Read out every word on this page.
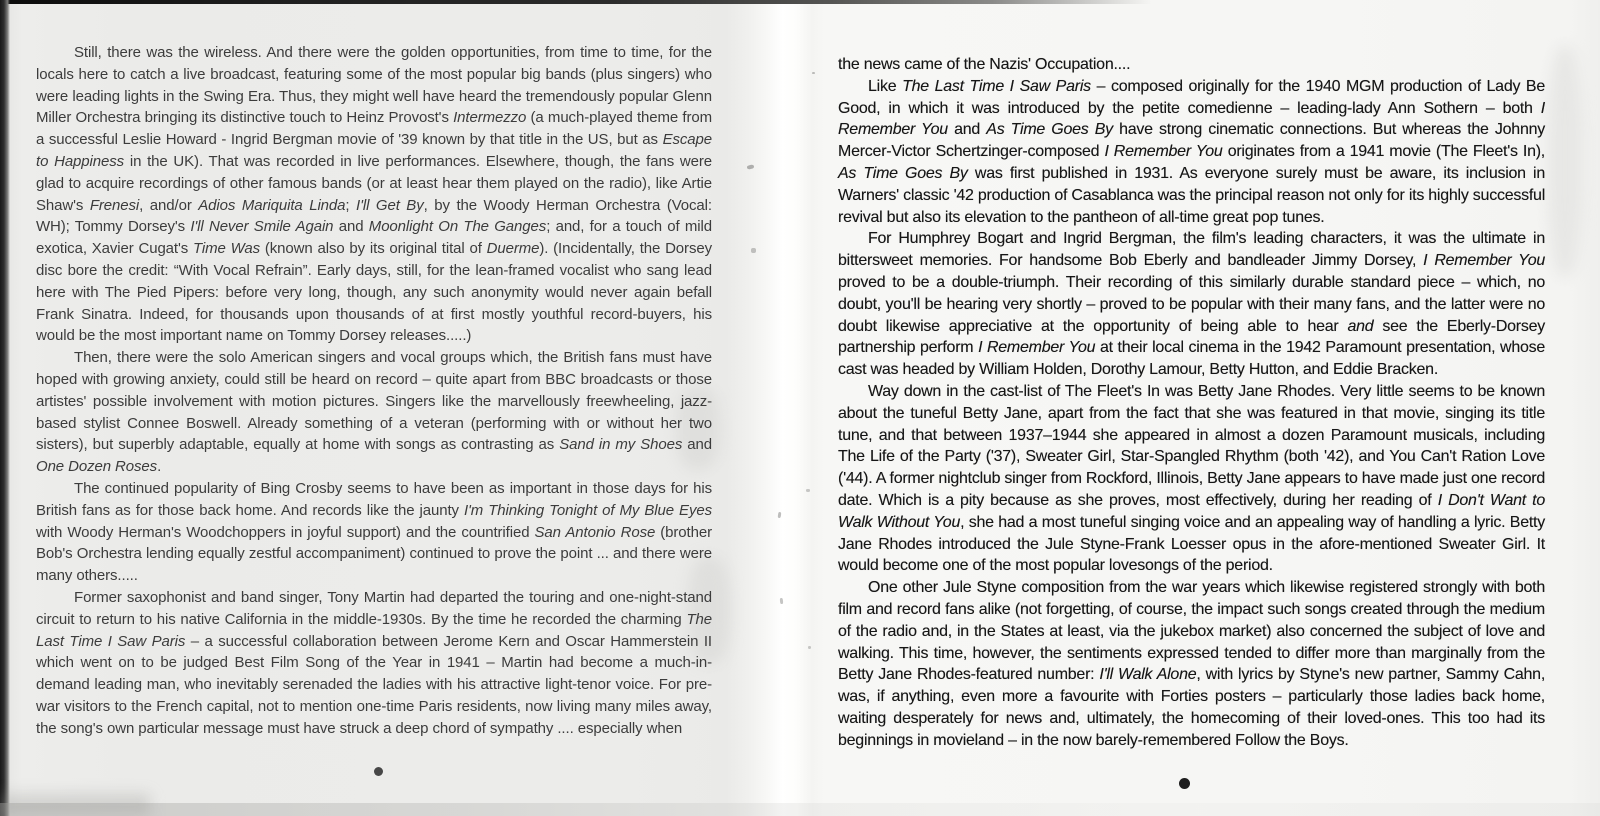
Still, there was the wireless. And there were the golden opportunities, from time to time, for the locals here to catch a live broadcast, featuring some of the most popular big bands (plus singers) who were leading lights in the Swing Era. Thus, they might well have heard the tremendously popular Glenn Miller Orchestra bringing its distinctive touch to Heinz Provost's Intermezzo (a much-played theme from a successful Leslie Howard - Ingrid Bergman movie of '39 known by that title in the US, but as Escape to Happiness in the UK). That was recorded in live performances. Elsewhere, though, the fans were glad to acquire recordings of other famous bands (or at least hear them played on the radio), like Artie Shaw's Frenesi, and/or Adios Mariquita Linda; I'll Get By, by the Woody Herman Orchestra (Vocal: WH); Tommy Dorsey's I'll Never Smile Again and Moonlight On The Ganges; and, for a touch of mild exotica, Xavier Cugat's Time Was (known also by its original tital of Duerme). (Incidentally, the Dorsey disc bore the credit: “With Vocal Refrain”. Early days, still, for the lean-framed vocalist who sang lead here with The Pied Pipers: before very long, though, any such anonymity would never again befall Frank Sinatra. Indeed, for thousands upon thousands of at first mostly youthful record-buyers, his would be the most important name on Tommy Dorsey releases.....)

Then, there were the solo American singers and vocal groups which, the British fans must have hoped with growing anxiety, could still be heard on record – quite apart from BBC broadcasts or those artistes' possible involvement with motion pictures. Singers like the marvellously freewheeling, jazz-based stylist Connee Boswell. Already something of a veteran (performing with or without her two sisters), but superbly adaptable, equally at home with songs as contrasting as Sand in my Shoes and One Dozen Roses.

The continued popularity of Bing Crosby seems to have been as important in those days for his British fans as for those back home. And records like the jaunty I'm Thinking Tonight of My Blue Eyes with Woody Herman's Woodchoppers in joyful support) and the countrified San Antonio Rose (brother Bob's Orchestra lending equally zestful accompaniment) continued to prove the point ... and there were many others.....

Former saxophonist and band singer, Tony Martin had departed the touring and one-night-stand circuit to return to his native California in the middle-1930s. By the time he recorded the charming The Last Time I Saw Paris – a successful collaboration between Jerome Kern and Oscar Hammerstein II which went on to be judged Best Film Song of the Year in 1941 – Martin had become a much-in-demand leading man, who inevitably serenaded the ladies with his attractive light-tenor voice. For pre-war visitors to the French capital, not to mention one-time Paris residents, now living many miles away, the song's own particular message must have struck a deep chord of sympathy .... especially when

the news came of the Nazis' Occupation....

Like The Last Time I Saw Paris – composed originally for the 1940 MGM production of Lady Be Good, in which it was introduced by the petite comedienne – leading-lady Ann Sothern – both I Remember You and As Time Goes By have strong cinematic connections. But whereas the Johnny Mercer-Victor Schertzinger-composed I Remember You originates from a 1941 movie (The Fleet's In), As Time Goes By was first published in 1931. As everyone surely must be aware, its inclusion in Warners' classic '42 production of Casablanca was the principal reason not only for its highly successful revival but also its elevation to the pantheon of all-time great pop tunes.

For Humphrey Bogart and Ingrid Bergman, the film's leading characters, it was the ultimate in bittersweet memories. For handsome Bob Eberly and bandleader Jimmy Dorsey, I Remember You proved to be a double-triumph. Their recording of this similarly durable standard piece – which, no doubt, you'll be hearing very shortly – proved to be popular with their many fans, and the latter were no doubt likewise appreciative at the opportunity of being able to hear and see the Eberly-Dorsey partnership perform I Remember You at their local cinema in the 1942 Paramount presentation, whose cast was headed by William Holden, Dorothy Lamour, Betty Hutton, and Eddie Bracken.

Way down in the cast-list of The Fleet's In was Betty Jane Rhodes. Very little seems to be known about the tuneful Betty Jane, apart from the fact that she was featured in that movie, singing its title tune, and that between 1937–1944 she appeared in almost a dozen Paramount musicals, including The Life of the Party ('37), Sweater Girl, Star-Spangled Rhythm (both '42), and You Can't Ration Love ('44). A former nightclub singer from Rockford, Illinois, Betty Jane appears to have made just one record date. Which is a pity because as she proves, most effectively, during her reading of I Don't Want to Walk Without You, she had a most tuneful singing voice and an appealing way of handling a lyric. Betty Jane Rhodes introduced the Jule Styne-Frank Loesser opus in the afore-mentioned Sweater Girl. It would become one of the most popular lovesongs of the period.

One other Jule Styne composition from the war years which likewise registered strongly with both film and record fans alike (not forgetting, of course, the impact such songs created through the medium of the radio and, in the States at least, via the jukebox market) also concerned the subject of love and walking. This time, however, the sentiments expressed tended to differ more than marginally from the Betty Jane Rhodes-featured number: I'll Walk Alone, with lyrics by Styne's new partner, Sammy Cahn, was, if anything, even more a favourite with Forties posters – particularly those ladies back home, waiting desperately for news and, ultimately, the homecoming of their loved-ones. This too had its beginnings in movieland – in the now barely-remembered Follow the Boys.
